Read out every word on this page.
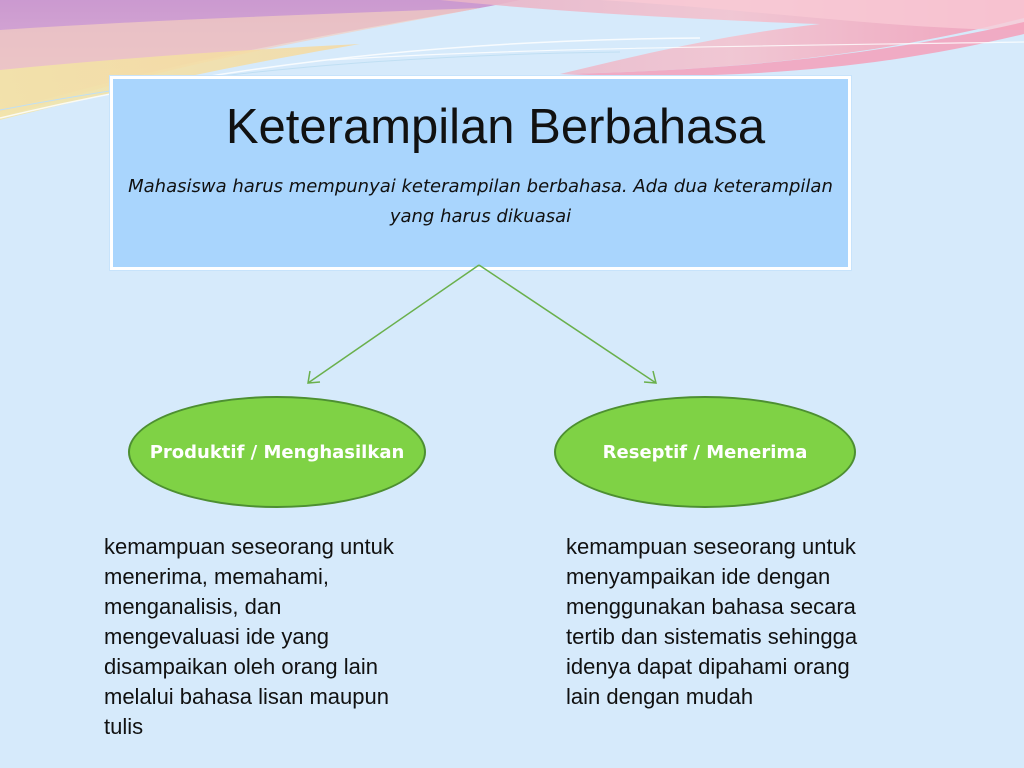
Keterampilan Berbahasa
Mahasiswa harus mempunyai keterampilan berbahasa. Ada dua keterampilan yang harus dikuasai
Produktif / Menghasilkan	Reseptif / Menerima
kemampuan seseorang untuk
menerima, memahami,
menganalisis, dan
mengevaluasi ide yang
disampaikan oleh orang lain
melalui bahasa lisan maupun
tulis
kemampuan seseorang untuk
menyampaikan ide dengan
menggunakan bahasa secara
tertib dan sistematis sehingga
idenya dapat dipahami orang
lain dengan mudah
